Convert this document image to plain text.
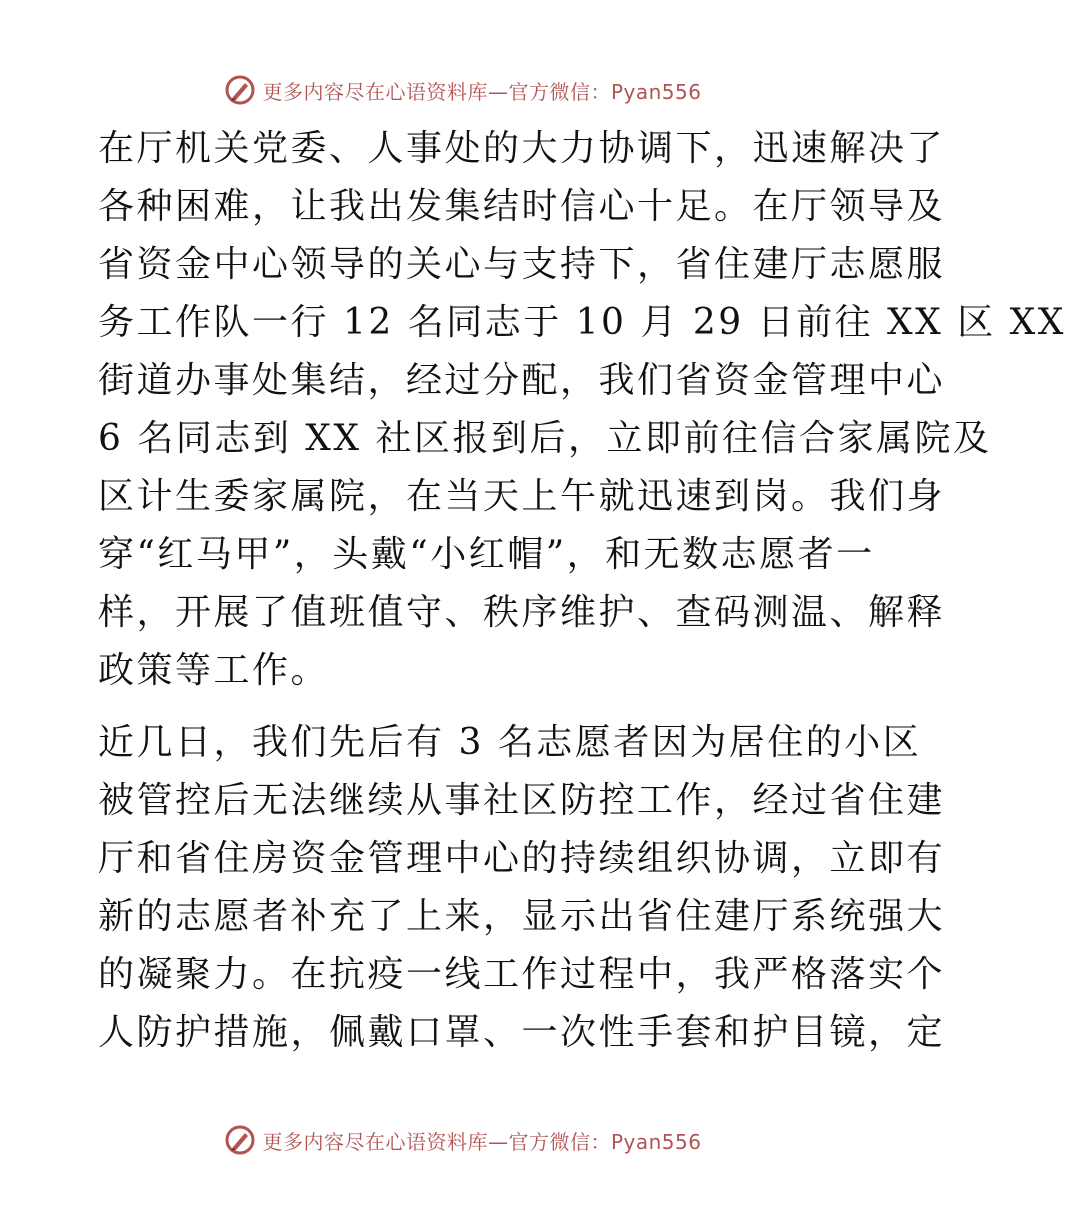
更多内容尽在心语资料库—官方微信：Pyan556
在厅机关党委、人事处的大力协调下，迅速解决了
各种困难，让我出发集结时信心十足。在厅领导及
省资金中心领导的关心与支持下，省住建厅志愿服
务工作队一行 12 名同志于 10 月 29 日前往 XX 区 XX
街道办事处集结，经过分配，我们省资金管理中心
6 名同志到 XX 社区报到后，立即前往信合家属院及
区计生委家属院，在当天上午就迅速到岗。我们身
穿“红马甲”，头戴“小红帽”，和无数志愿者一
样，开展了值班值守、秩序维护、查码测温、解释
政策等工作。
近几日，我们先后有 3 名志愿者因为居住的小区
被管控后无法继续从事社区防控工作，经过省住建
厅和省住房资金管理中心的持续组织协调，立即有
新的志愿者补充了上来，显示出省住建厅系统强大
的凝聚力。在抗疫一线工作过程中，我严格落实个
人防护措施，佩戴口罩、一次性手套和护目镜，定
更多内容尽在心语资料库—官方微信：Pyan556
